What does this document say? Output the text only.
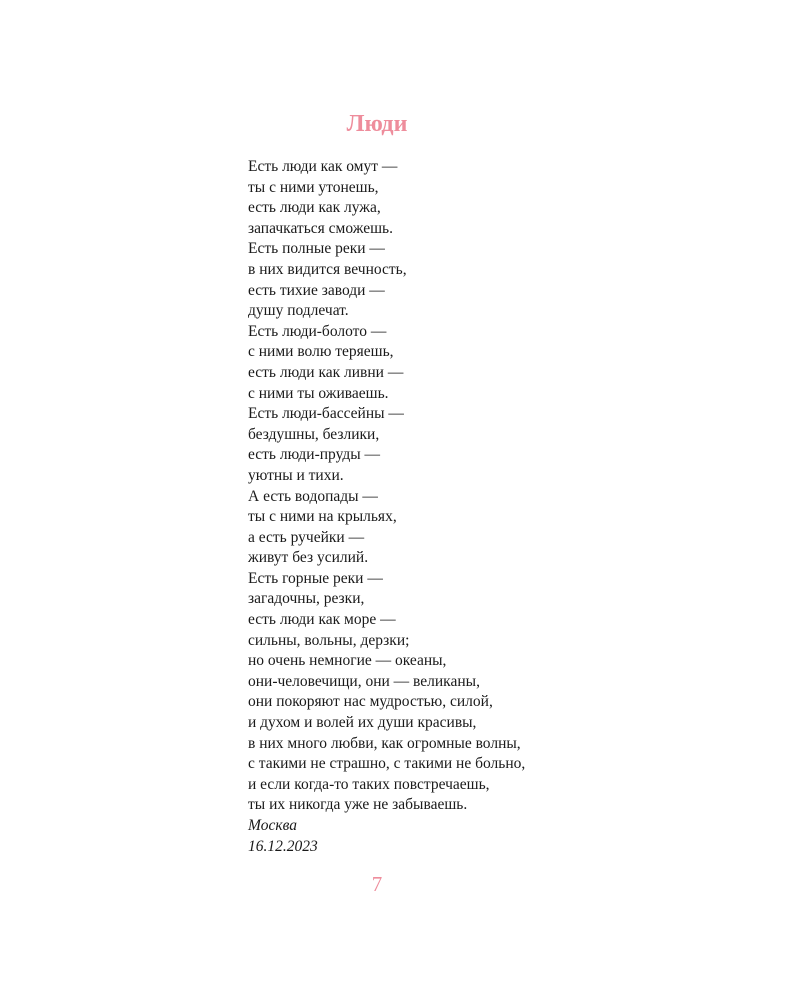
Люди
Есть люди как омут —
ты с ними утонешь,
есть люди как лужа,
запачкаться сможешь.
Есть полные реки —
в них видится вечность,
есть тихие заводи —
душу подлечат.
Есть люди-болото —
с ними волю теряешь,
есть люди как ливни —
с ними ты оживаешь.
Есть люди-бассейны —
бездушны, безлики,
есть люди-пруды —
уютны и тихи.
А есть водопады —
ты с ними на крыльях,
а есть ручейки —
живут без усилий.
Есть горные реки —
загадочны, резки,
есть люди как море —
сильны, вольны, дерзки;
но очень немногие — океаны,
они-человечищи, они — великаны,
они покоряют нас мудростью, силой,
и духом и волей их души красивы,
в них много любви, как огромные волны,
с такими не страшно, с такими не больно,
и если когда-то таких повстречаешь,
ты их никогда уже не забываешь.
Москва
16.12.2023
7
